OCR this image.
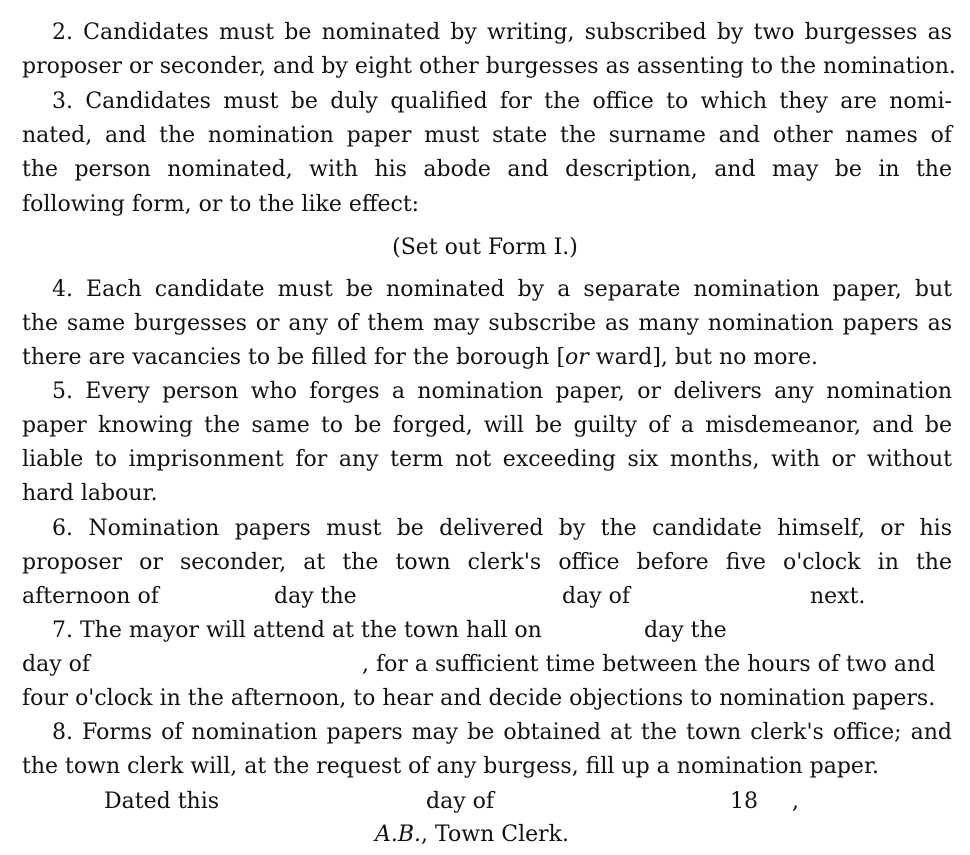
2. Candidates must be nominated by writing, subscribed by two burgesses as
proposer or seconder, and by eight other burgesses as assenting to the nomination.
3. Candidates must be duly qualified for the office to which they are nomi-
nated, and the nomination paper must state the surname and other names of
the person nominated, with his abode and description, and may be in the
following form, or to the like effect:
(Set out Form I.)
4. Each candidate must be nominated by a separate nomination paper, but
the same burgesses or any of them may subscribe as many nomination papers as
there are vacancies to be filled for the borough [or ward], but no more.
5. Every person who forges a nomination paper, or delivers any nomination
paper knowing the same to be forged, will be guilty of a misdemeanor, and be
liable to imprisonment for any term not exceeding six months, with or without
hard labour.
6. Nomination papers must be delivered by the candidate himself, or his
proposer or seconder, at the town clerk's office before five o'clock in the
afternoon of	day the	day of	next.
7. The mayor will attend at the town hall on	day the
day of	, for a sufficient time between the hours of two and
four o'clock in the afternoon, to hear and decide objections to nomination papers.
8. Forms of nomination papers may be obtained at the town clerk's office; and
the town clerk will, at the request of any burgess, fill up a nomination paper.
Dated this	day of	18 ,
A.B., Town Clerk.
